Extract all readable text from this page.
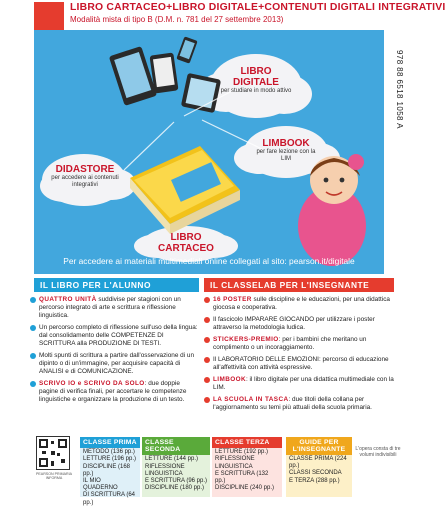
LIBRO CARTACEO+LIBRO DIGITALE+CONTENUTI DIGITALI INTEGRATIVI
Modalità mista di tipo B (D.M. n. 781 del 27 settembre 2013)
978 88 6518 1058 A
LIBRO DIGITALE
per studiare in modo attivo
LIMBOOK
per fare lezione con la LIM
DIDASTORE
per accedere ai contenuti integrativi
LIBRO CARTACEO
Per accedere ai materiali multimediali online collegati al sito: pearson.it/digitale
IL LIBRO PER L'ALUNNO	IL CLASSELAB PER L'INSEGNANTE
QUATTRO UNITÀ suddivise per stagioni con un percorso integrato di arte e scrittura e riflessione linguistica.
Un percorso completo di riflessione sull'uso della lingua: dal consolidamento delle COMPETENZE DI SCRITTURA alla PRODUZIONE DI TESTI.
Molti spunti di scrittura a partire dall'osservazione di un dipinto o di un'immagine, per acquisire capacità di ANALISI e di COMUNICAZIONE.
SCRIVO IO e SCRIVO DA SOLO: due doppie pagine di verifica finali, per accertare le competenze linguistiche e organizzare la produzione di un testo.
16 POSTER sulle discipline e le educazioni, per una didattica giocosa e cooperativa.
Il fascicolo IMPARARE GIOCANDO per utilizzare i poster attraverso la metodologia ludica.
STICKERS-PREMIO: per i bambini che meritano un complimento o un incoraggiamento.
Il LABORATORIO DELLE EMOZIONI: percorso di educazione all'affettività con attività espressive.
LIMBOOK: il libro digitale per una didattica multimediale con la LIM.
LA SCUOLA IN TASCA: due titoli della collana per l'aggiornamento su temi più attuali della scuola primaria.
PEARSON PRIMARIA INFORMA
CLASSE PRIMA
METODO (136 pp.)
LETTURE (196 pp.)
DISCIPLINE (168 pp.)
IL MIO QUADERNO
DI SCRITTURA (64 pp.)
CLASSE SECONDA
LETTURE (144 pp.)
RIFLESSIONE
LINGUISTICA
E SCRITTURA (96 pp.)
DISCIPLINE (180 pp.)
CLASSE TERZA
LETTURE (192 pp.)
RIFLESSIONE
LINGUISTICA
E SCRITTURA (132 pp.)
DISCIPLINE (240 pp.)
GUIDE PER L'INSEGNANTE
CLASSE PRIMA (224 pp.)
CLASSI SECONDA
E TERZA (288 pp.)
L'opera consta di tre volumi indivisibili
